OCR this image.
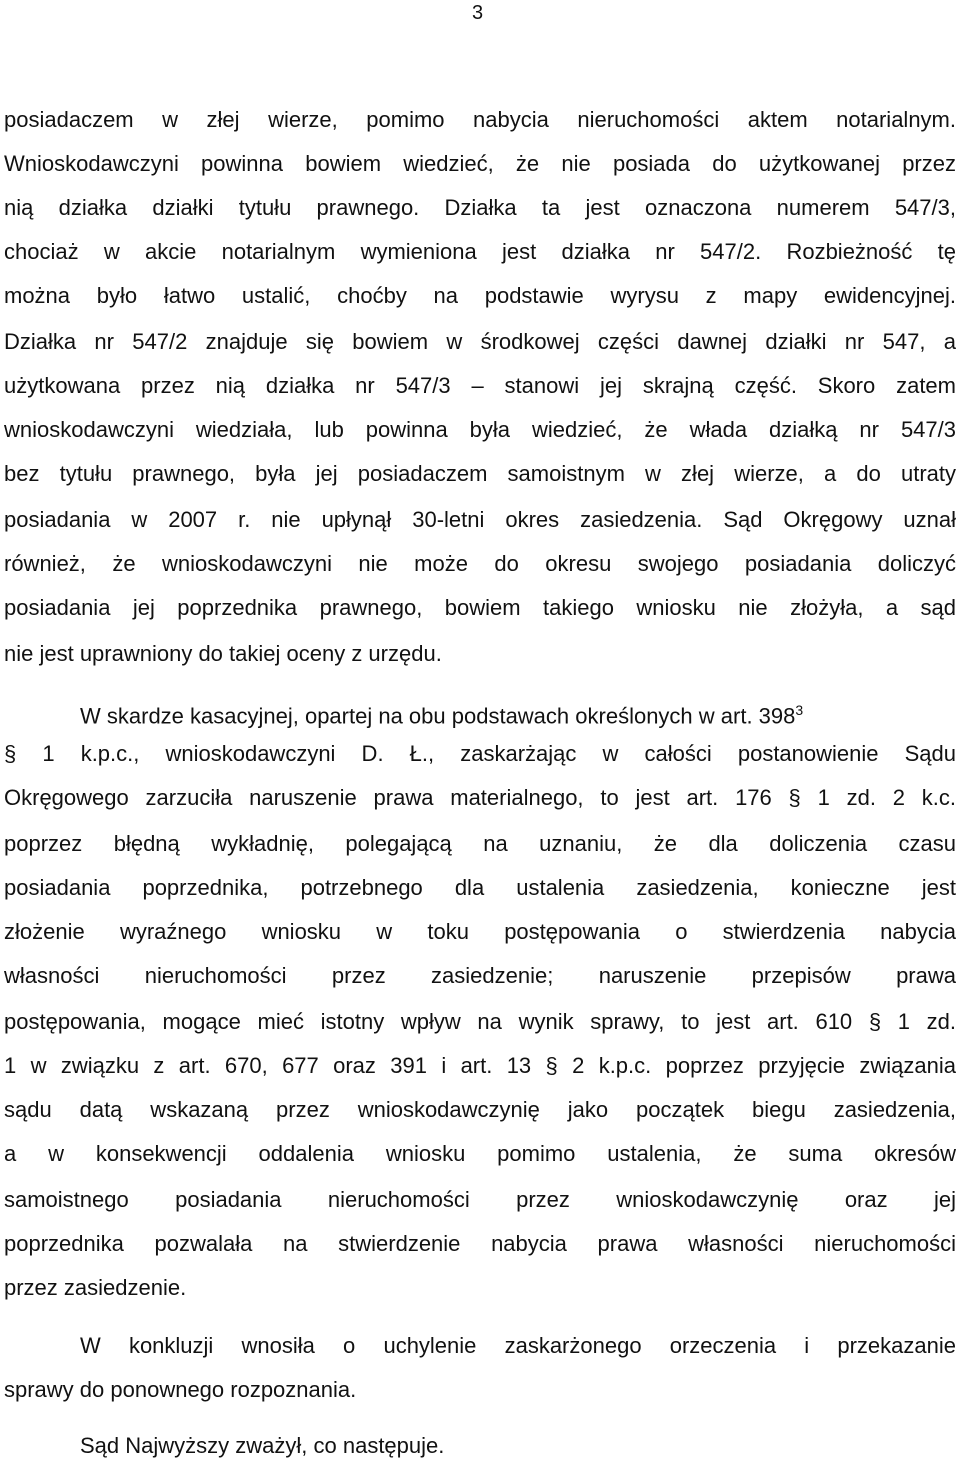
3
posiadaczem w złej wierze, pomimo nabycia nieruchomości aktem notarialnym.
Wnioskodawczyni powinna bowiem wiedzieć, że nie posiada do użytkowanej przez
nią działka działki tytułu prawnego. Działka ta jest oznaczona numerem 547/3,
chociaż w akcie notarialnym wymieniona jest działka nr 547/2. Rozbieżność tę
można było łatwo ustalić, choćby na podstawie wyrysu z mapy ewidencyjnej.
Działka nr 547/2 znajduje się bowiem w środkowej części dawnej działki nr 547, a
użytkowana przez nią działka nr 547/3 – stanowi jej skrajną część. Skoro zatem
wnioskodawczyni wiedziała, lub powinna była wiedzieć, że włada działką nr 547/3
bez tytułu prawnego, była jej posiadaczem samoistnym w złej wierze, a do utraty
posiadania w 2007 r. nie upłynął 30-letni okres zasiedzenia. Sąd Okręgowy uznał
również, że wnioskodawczyni nie może do okresu swojego posiadania doliczyć
posiadania jej poprzednika prawnego, bowiem takiego wniosku nie złożyła, a sąd
nie jest uprawniony do takiej oceny z urzędu.
W skardze kasacyjnej, opartej na obu podstawach określonych w art. $398^3$
§ 1 k.p.c., wnioskodawczyni D. Ł., zaskarżając w całości postanowienie Sądu
Okręgowego zarzuciła naruszenie prawa materialnego, to jest art. 176 § 1 zd. 2 k.c.
poprzez błędną wykładnię, polegającą na uznaniu, że dla doliczenia czasu
posiadania poprzednika, potrzebnego dla ustalenia zasiedzenia, konieczne jest
złożenie wyraźnego wniosku w toku postępowania o stwierdzenia nabycia
własności nieruchomości przez zasiedzenie; naruszenie przepisów prawa
postępowania, mogące mieć istotny wpływ na wynik sprawy, to jest art. 610 § 1 zd.
1 w związku z art. 670, 677 oraz 391 i art. 13 § 2 k.p.c. poprzez przyjęcie związania
sądu datą wskazaną przez wnioskodawczynię jako początek biegu zasiedzenia,
a w konsekwencji oddalenia wniosku pomimo ustalenia, że suma okresów
samoistnego posiadania nieruchomości przez wnioskodawczynię oraz jej
poprzednika pozwalała na stwierdzenie nabycia prawa własności nieruchomości
przez zasiedzenie.
W konkluzji wnosiła o uchylenie zaskarżonego orzeczenia i przekazanie
sprawy do ponownego rozpoznania.
Sąd Najwyższy zważył, co następuje.
